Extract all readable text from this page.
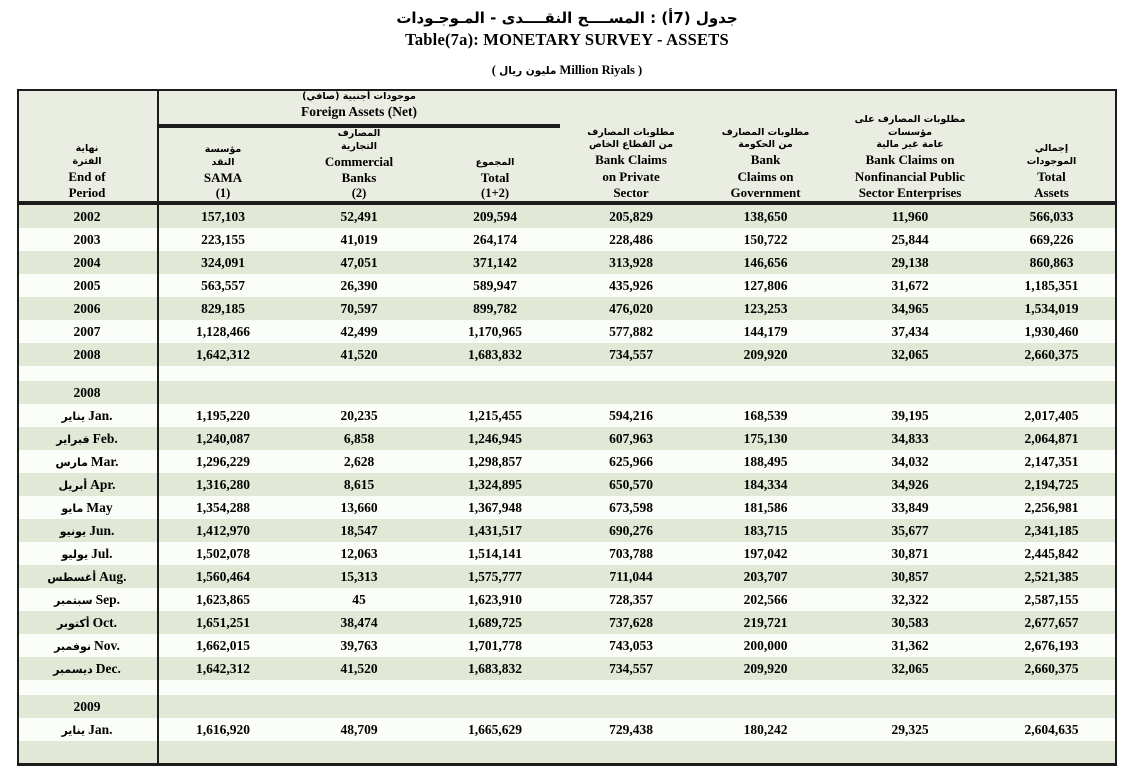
جدول (7أ) : المســــح النقــــدى - المـوجـودات
Table(7a): MONETARY SURVEY - ASSETS
( مليون ريال Million Riyals )
نهاية
الفترة
End of
Period

موجودات أجنبية (صافي)
Foreign Assets (Net)

مطلوبات المصارف
من القطاع الخاص
Bank Claims
on Private
Sector

مطلوبات المصارف
من الحكومة
Bank
Claims on
Government

مطلوبات المصارف على
مؤسسات
عامة غير مالية
Bank Claims on
Nonfinancial Public
Sector Enterprises

إجمالي
الموجودات
Total
Assets

مؤسسة
النقد
SAMA
(1)

المصارف
التجارية
Commercial
Banks
(2)

المجموع
Total
(1+2)

2002	157,103	52,491	209,594	205,829	138,650	11,960	566,033
2003	223,155	41,019	264,174	228,486	150,722	25,844	669,226
2004	324,091	47,051	371,142	313,928	146,656	29,138	860,863
2005	563,557	26,390	589,947	435,926	127,806	31,672	1,185,351
2006	829,185	70,597	899,782	476,020	123,253	34,965	1,534,019
2007	1,128,466	42,499	1,170,965	577,882	144,179	37,434	1,930,460
2008	1,642,312	41,520	1,683,832	734,557	209,920	32,065	2,660,375

2008							
يناير Jan.	1,195,220	20,235	1,215,455	594,216	168,539	39,195	2,017,405
فبراير Feb.	1,240,087	6,858	1,246,945	607,963	175,130	34,833	2,064,871
مارس Mar.	1,296,229	2,628	1,298,857	625,966	188,495	34,032	2,147,351
أبريل Apr.	1,316,280	8,615	1,324,895	650,570	184,334	34,926	2,194,725
مايو May	1,354,288	13,660	1,367,948	673,598	181,586	33,849	2,256,981
يونيو Jun.	1,412,970	18,547	1,431,517	690,276	183,715	35,677	2,341,185
يوليو Jul.	1,502,078	12,063	1,514,141	703,788	197,042	30,871	2,445,842
أغسطس Aug.	1,560,464	15,313	1,575,777	711,044	203,707	30,857	2,521,385
سبتمبر Sep.	1,623,865	45	1,623,910	728,357	202,566	32,322	2,587,155
أكتوبر Oct.	1,651,251	38,474	1,689,725	737,628	219,721	30,583	2,677,657
نوفمبر Nov.	1,662,015	39,763	1,701,778	743,053	200,000	31,362	2,676,193
ديسمبر Dec.	1,642,312	41,520	1,683,832	734,557	209,920	32,065	2,660,375

2009							
يناير Jan.	1,616,920	48,709	1,665,629	729,438	180,242	29,325	2,604,635
